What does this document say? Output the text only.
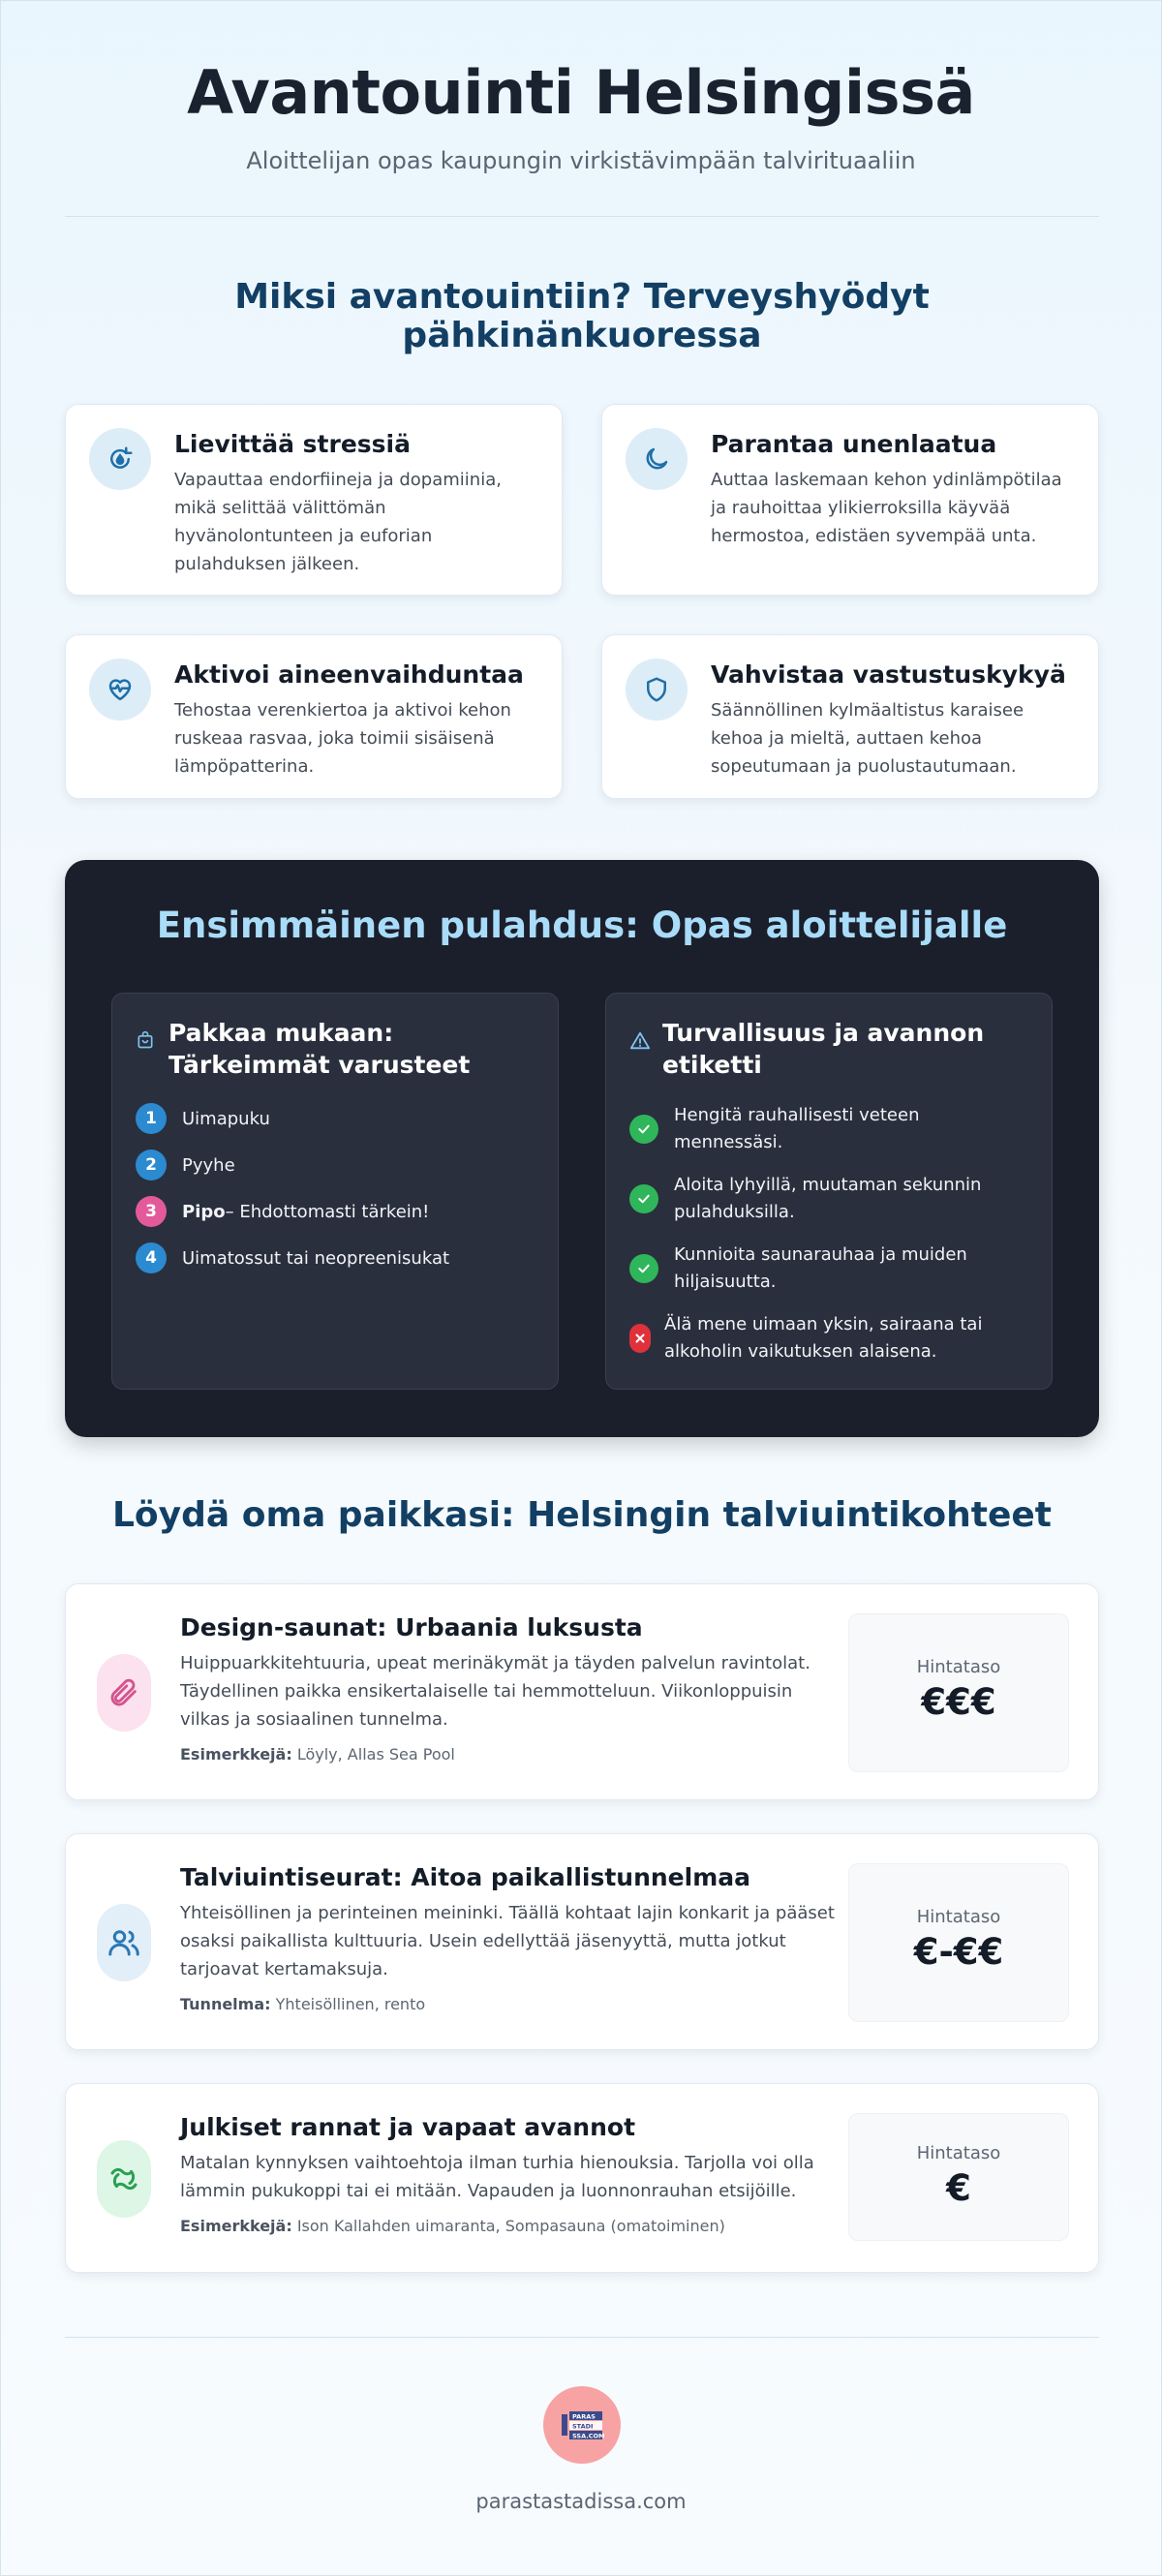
Avantouinti Helsingissä

Aloittelijan opas kaupungin virkistävimpään talvirituaaliin

Miksi avantouintiin? Terveyshyödyt pähkinänkuoressa
Lievittää stressiä

Vapauttaa endorfiineja ja dopamiinia, mikä selittää välittömän hyvänolontunteen ja euforian pulahduksen jälkeen.

Parantaa unenlaatua

Auttaa laskemaan kehon ydinlämpötilaa ja rauhoittaa ylikierroksilla käyvää hermostoa, edistäen syvempää unta.

Aktivoi aineenvaihduntaa

Tehostaa verenkiertoa ja aktivoi kehon ruskeaa rasvaa, joka toimii sisäisenä lämpöpatterina.

Vahvistaa vastustuskykyä

Säännöllinen kylmäaltistus karaisee kehoa ja mieltä, auttaen kehoa sopeutumaan ja puolustautumaan.

Ensimmäinen pulahdus: Opas aloittelijalle
Pakkaa mukaan: Tärkeimmät varusteet
1	Uimapuku
2	Pyyhe
3	Pipo – Ehdottomasti tärkein!
4	Uimatossut tai neopreenisukat
Turvallisuus ja avannon etiketti
Hengitä rauhallisesti veteen mennessäsi.
Aloita lyhyillä, muutaman sekunnin pulahduksilla.
Kunnioita saunarauhaa ja muiden hiljaisuutta.
Älä mene uimaan yksin, sairaana tai alkoholin vaikutuksen alaisena.
Löydä oma paikkasi: Helsingin talviuintikohteet
Design-saunat: Urbaania luksusta

Huippuarkkitehtuuria, upeat merinäkymät ja täyden palvelun ravintolat. Täydellinen paikka ensikertalaiselle tai hemmotteluun. Viikonloppuisin vilkas ja sosiaalinen tunnelma.

Esimerkkejä: Löyly, Allas Sea Pool

Hintataso
€€€
Talviuintiseurat: Aitoa paikallistunnelmaa

Yhteisöllinen ja perinteinen meininki. Täällä kohtaat lajin konkarit ja pääset osaksi paikallista kulttuuria. Usein edellyttää jäsenyyttä, mutta jotkut tarjoavat kertamaksuja.

Tunnelma: Yhteisöllinen, rento

Hintataso
€-€€
Julkiset rannat ja vapaat avannot

Matalan kynnyksen vaihtoehtoja ilman turhia hienouksia. Tarjolla voi olla lämmin pukukoppi tai ei mitään. Vapauden ja luonnonrauhan etsijöille.

Esimerkkejä: Ison Kallahden uimaranta, Sompasauna (omatoiminen)

Hintataso
€
PARAS
STADI
SSA.COM
parastastadissa.com
